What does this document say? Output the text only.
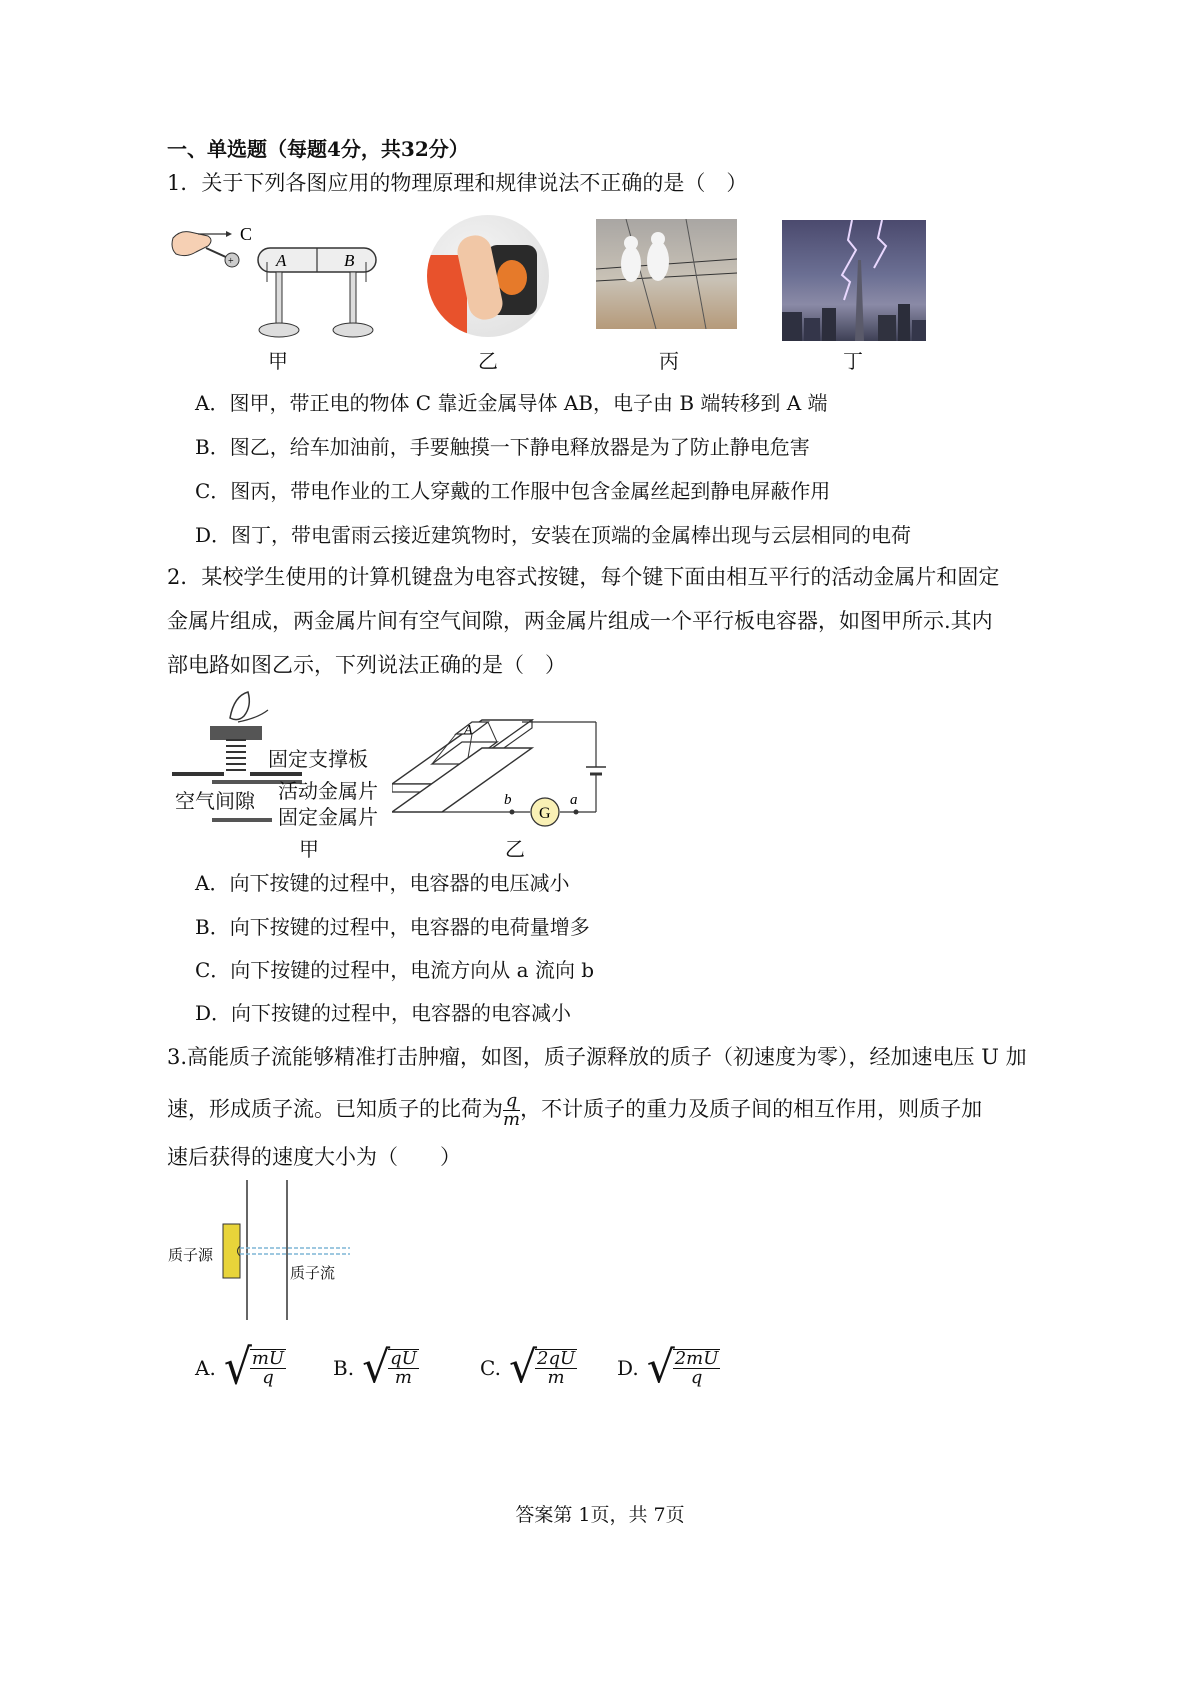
一、单选题（每题4分，共32分）
1．关于下列各图应用的物理原理和规律说法不正确的是（　）
+
C
A	B
甲	乙	丙	丁
A．图甲，带正电的物体 C 靠近金属导体 AB，电子由 B 端转移到 A 端
B．图乙，给车加油前，手要触摸一下静电释放器是为了防止静电危害
C．图丙，带电作业的工人穿戴的工作服中包含金属丝起到静电屏蔽作用
D．图丁，带电雷雨云接近建筑物时，安装在顶端的金属棒出现与云层相同的电荷
2．某校学生使用的计算机键盘为电容式按键，每个键下面由相互平行的活动金属片和固定
金属片组成，两金属片间有空气间隙，两金属片组成一个平行板电容器，如图甲所示.其内
部电路如图乙示，下列说法正确的是（　）
固定支撑板
活动金属片
空气间隙
固定金属片
甲
A
G
b	a
乙
A．向下按键的过程中，电容器的电压减小
B．向下按键的过程中，电容器的电荷量增多
C．向下按键的过程中，电流方向从 a 流向 b
D．向下按键的过程中，电容器的电容减小
3.高能质子流能够精准打击肿瘤，如图，质子源释放的质子（初速度为零），经加速电压 U 加
速，形成质子流。已知质子的比荷为 $\frac{q}{m}$ ，不计质子的重力及质子间的相互作用，则质子加
速后获得的速度大小为（　　）
质子源
质子流
A. √
$\frac{mU}{q} B$. √
$\frac{qU}{m}$	C. √
$\frac{2qU}{m} D$. √
$\frac{2mU}{q}$
答案第 1页，共 7页
